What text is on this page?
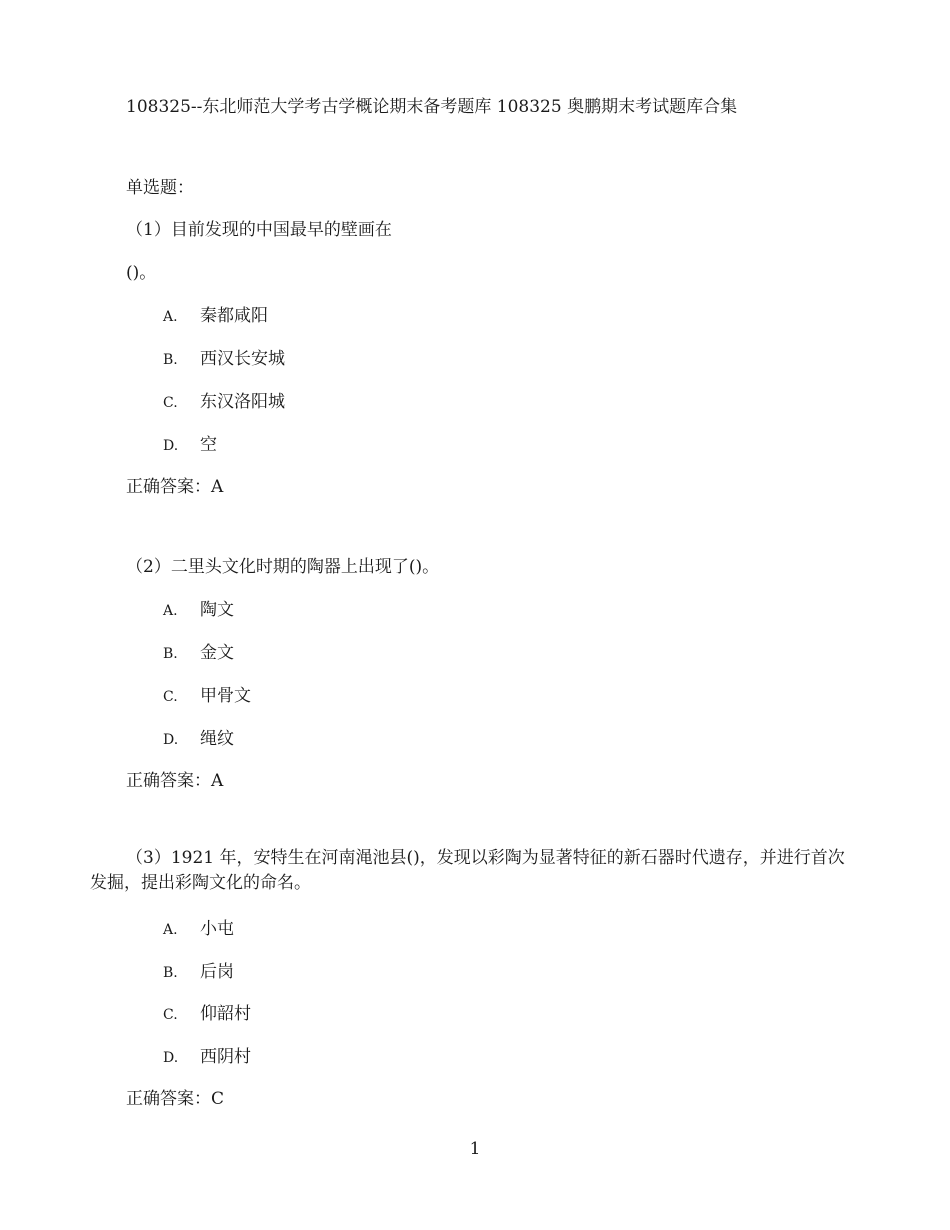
108325--东北师范大学考古学概论期末备考题库 108325 奥鹏期末考试题库合集
单选题：
（1）目前发现的中国最早的壁画在
()。
A. 秦都咸阳
B. 西汉长安城
C. 东汉洛阳城
D. 空
正确答案：A
（2）二里头文化时期的陶器上出现了()。
A. 陶文
B. 金文
C. 甲骨文
D. 绳纹
正确答案：A
（3）1921 年，安特生在河南渑池县()，发现以彩陶为显著特征的新石器时代遗存，并进行首次发掘，提出彩陶文化的命名。
A. 小屯
B. 后岗
C. 仰韶村
D. 西阴村
正确答案：C
1
